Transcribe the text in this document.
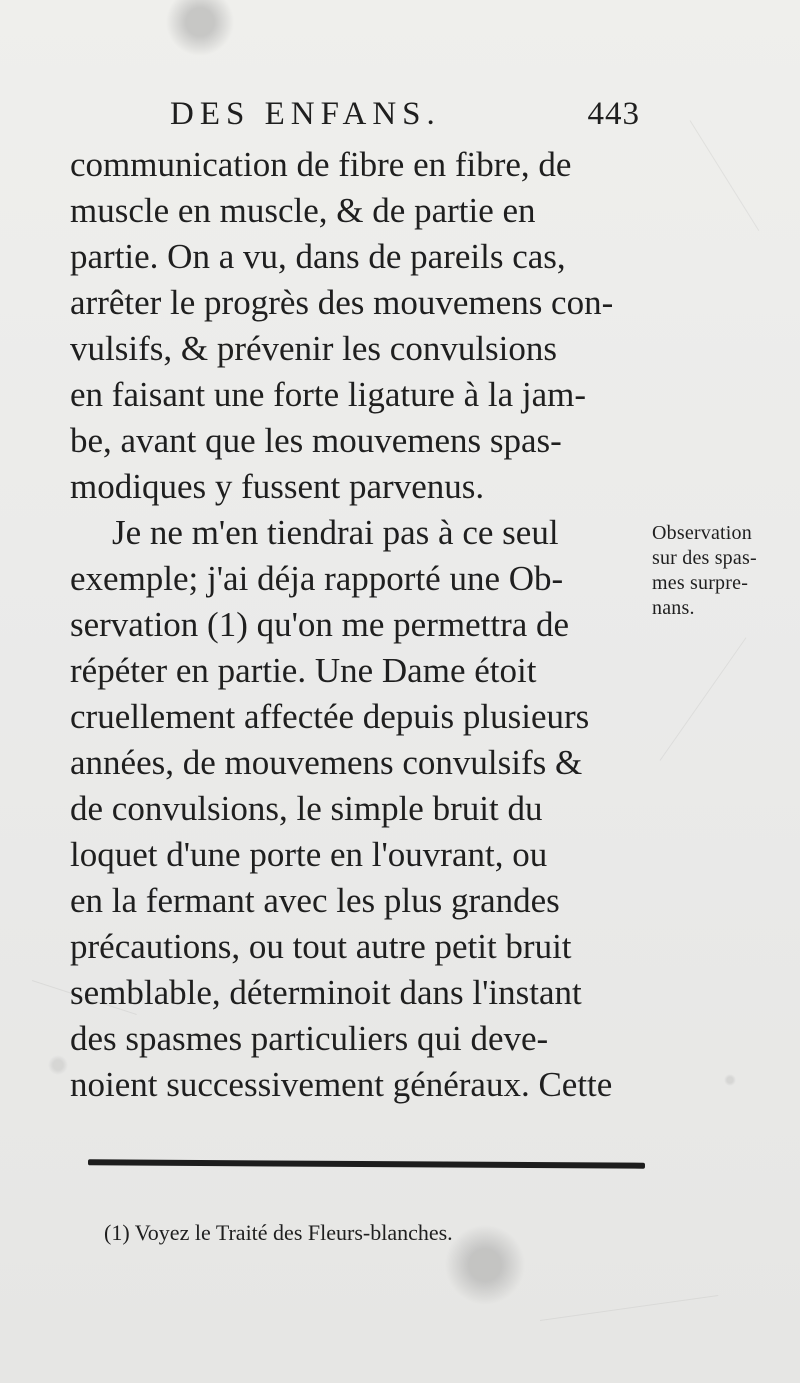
DES ENFANS.	443
communication de fibre en fibre, de
muscle en muscle, & de partie en
partie. On a vu, dans de pareils cas,
arrêter le progrès des mouvemens con-
vulsifs, & prévenir les convulsions
en faisant une forte ligature à la jam-
be, avant que les mouvemens spas-
modiques y fussent parvenus.
Je ne m'en tiendrai pas à ce seul
exemple; j'ai déja rapporté une Ob-
servation (1) qu'on me permettra de
répéter en partie. Une Dame étoit
cruellement affectée depuis plusieurs
années, de mouvemens convulsifs &
de convulsions, le simple bruit du
loquet d'une porte en l'ouvrant, ou
en la fermant avec les plus grandes
précautions, ou tout autre petit bruit
semblable, déterminoit dans l'instant
des spasmes particuliers qui deve-
noient successivement généraux. Cette
Observation
sur des spas-
mes surpre-
nans.
(1) Voyez le Traité des Fleurs-blanches.
